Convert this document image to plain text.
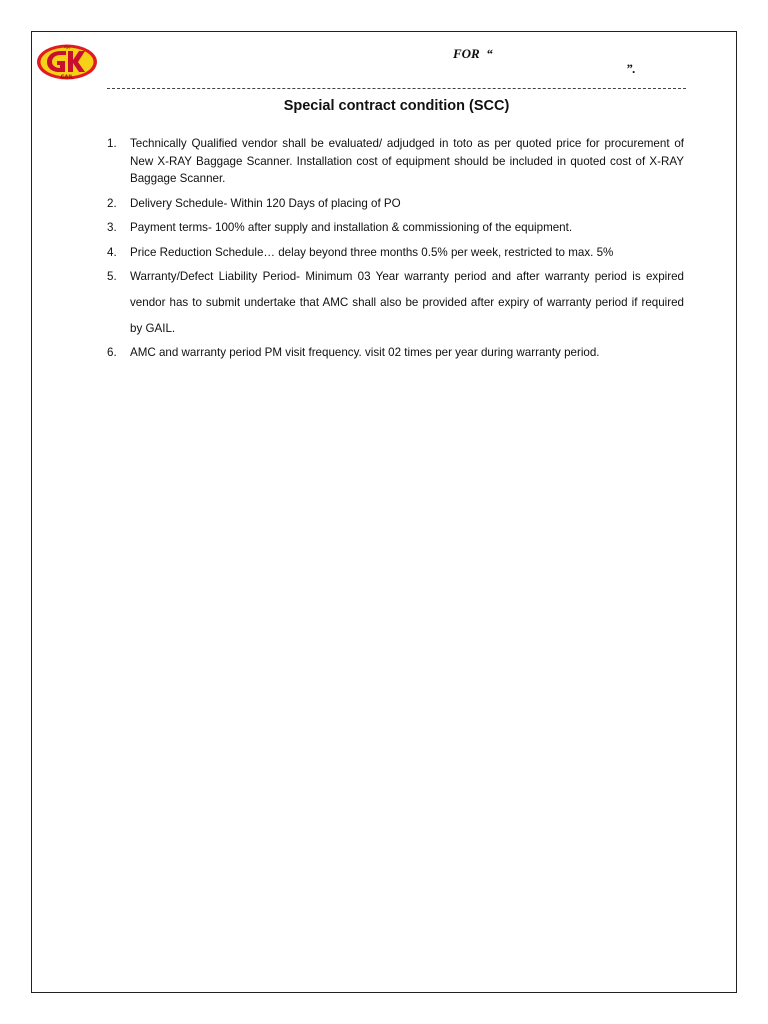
गेल
GAIL
FOR  “
”.
Special contract condition (SCC)
1. Technically Qualified vendor shall be evaluated/ adjudged in toto as per quoted price for procurement of New X-RAY Baggage Scanner. Installation cost of equipment should be included in quoted cost of X-RAY Baggage Scanner.
2. Delivery Schedule- Within 120 Days of placing of PO
3. Payment terms- 100% after supply and installation & commissioning of the equipment.
4. Price Reduction Schedule… delay beyond three months 0.5% per week, restricted to max. 5%
5. Warranty/Defect Liability Period- Minimum 03 Year warranty period and after warranty period is expired vendor has to submit undertake that AMC shall also be provided after expiry of warranty period if required by GAIL.
6. AMC and warranty period PM visit frequency. visit 02 times per year during warranty period.
